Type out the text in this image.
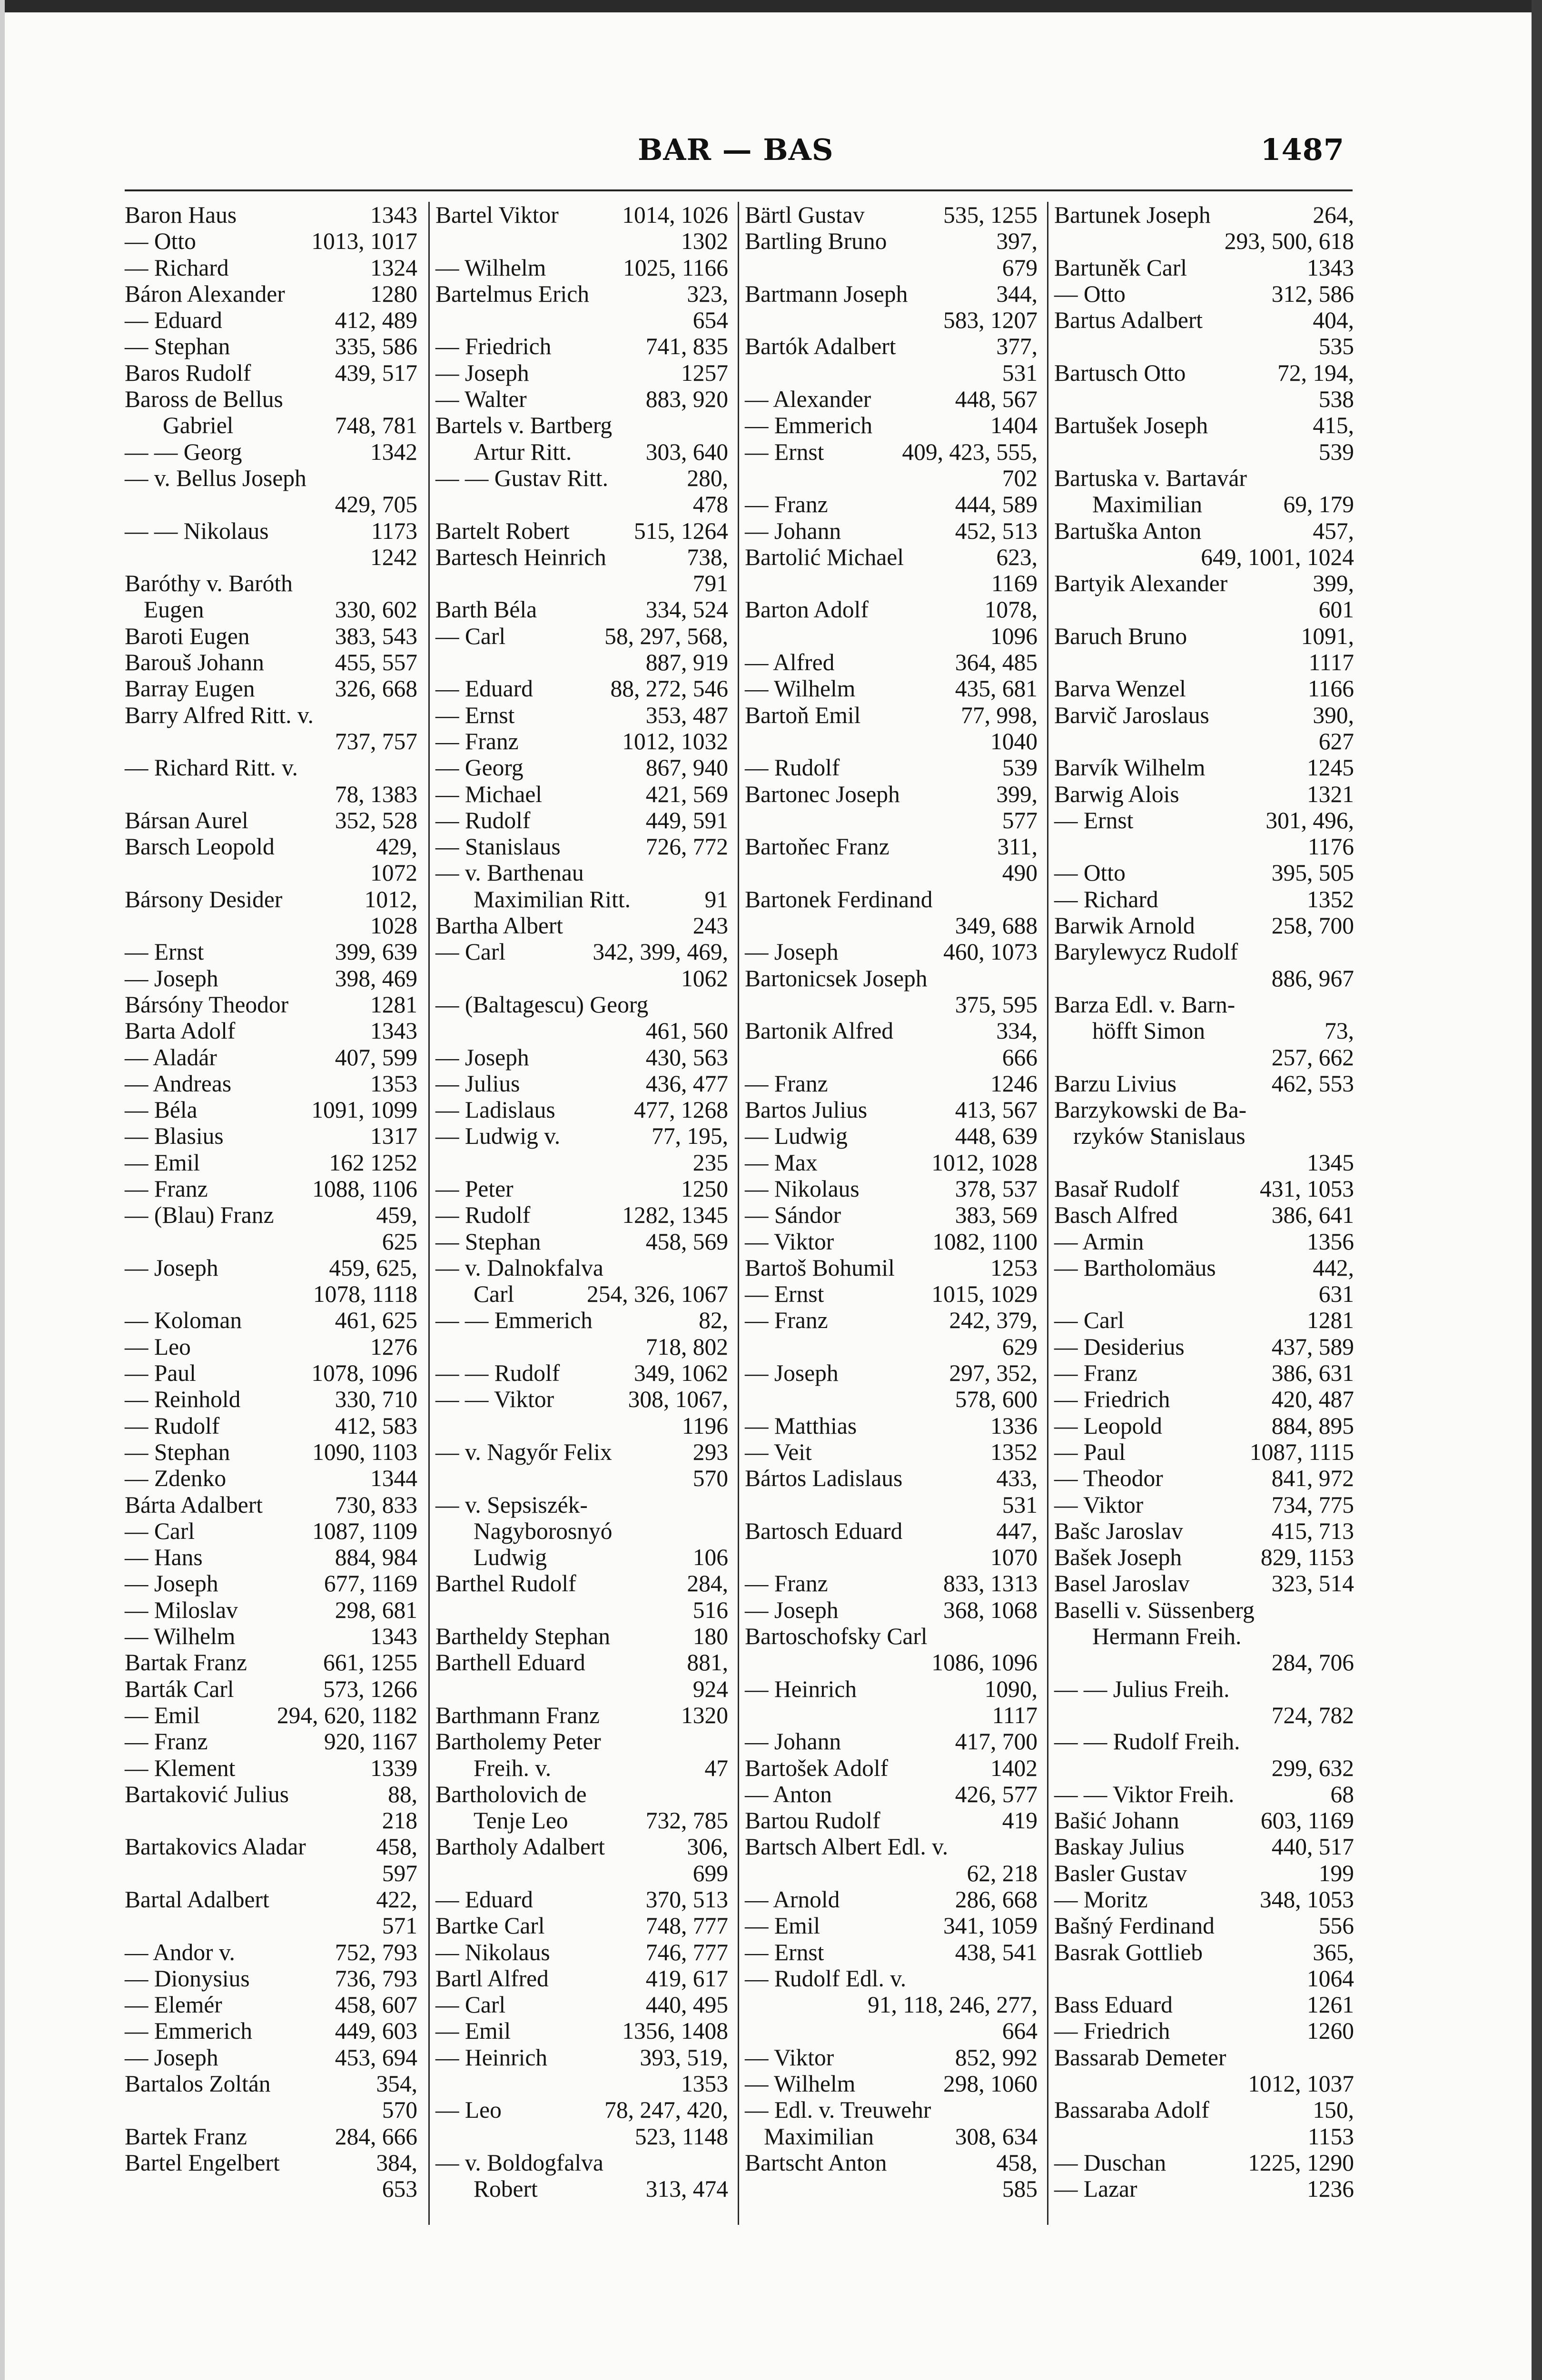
BAR — BAS	1487
Baron Haus	1343
— Otto	1013, 1017
— Richard	1324
Báron Alexander	1280
— Eduard	412, 489
— Stephan	335, 586
Baros Rudolf	439, 517
Baross de Bellus
Gabriel	748, 781
— — Georg	1342
— v. Bellus Joseph
429, 705
— — Nikolaus	1173
1242
Baróthy v. Baróth
Eugen	330, 602
Baroti Eugen	383, 543
Barouš Johann	455, 557
Barray Eugen	326, 668
Barry Alfred Ritt. v.
737, 757
— Richard Ritt. v.
78, 1383
Bársan Aurel	352, 528
Barsch Leopold	429,
1072
Bársony Desider	1012,
1028
— Ernst	399, 639
— Joseph	398, 469
Bársóny Theodor	1281
Barta Adolf	1343
— Aladár	407, 599
— Andreas	1353
— Béla	1091, 1099
— Blasius	1317
— Emil	162 1252
— Franz	1088, 1106
— (Blau) Franz	459,
625
— Joseph	459, 625,
1078, 1118
— Koloman	461, 625
— Leo	1276
— Paul	1078, 1096
— Reinhold	330, 710
— Rudolf	412, 583
— Stephan	1090, 1103
— Zdenko	1344
Bárta Adalbert	730, 833
— Carl	1087, 1109
— Hans	884, 984
— Joseph	677, 1169
— Miloslav	298, 681
— Wilhelm	1343
Bartak Franz	661, 1255
Barták Carl	573, 1266
— Emil	294, 620, 1182
— Franz	920, 1167
— Klement	1339
Bartaković Julius	88,
218
Bartakovics Aladar	458,
597
Bartal Adalbert	422,
571
— Andor v.	752, 793
— Dionysius	736, 793
— Elemér	458, 607
— Emmerich	449, 603
— Joseph	453, 694
Bartalos Zoltán	354,
570
Bartek Franz	284, 666
Bartel Engelbert	384,
653
Bartel Viktor	1014, 1026
1302
— Wilhelm	1025, 1166
Bartelmus Erich	323,
654
— Friedrich	741, 835
— Joseph	1257
— Walter	883, 920
Bartels v. Bartberg
Artur Ritt.	303, 640
— — Gustav Ritt.	280,
478
Bartelt Robert	515, 1264
Bartesch Heinrich	738,
791
Barth Béla	334, 524
— Carl	58, 297, 568,
887, 919
— Eduard	88, 272, 546
— Ernst	353, 487
— Franz	1012, 1032
— Georg	867, 940
— Michael	421, 569
— Rudolf	449, 591
— Stanislaus	726, 772
— v. Barthenau
Maximilian Ritt.	91
Bartha Albert	243
— Carl	342, 399, 469,
1062
— (Baltagescu) Georg
461, 560
— Joseph	430, 563
— Julius	436, 477
— Ladislaus	477, 1268
— Ludwig v.	77, 195,
235
— Peter	1250
— Rudolf	1282, 1345
— Stephan	458, 569
— v. Dalnokfalva
Carl	254, 326, 1067
— — Emmerich	82,
718, 802
— — Rudolf	349, 1062
— — Viktor	308, 1067,
1196
— v. Nagyőr Felix	293
570
— v. Sepsiszék-
Nagyborosnyó
Ludwig	106
Barthel Rudolf	284,
516
Bartheldy Stephan	180
Barthell Eduard	881,
924
Barthmann Franz	1320
Bartholemy Peter
Freih. v.	47
Bartholovich de
Tenje Leo	732, 785
Bartholy Adalbert	306,
699
— Eduard	370, 513
Bartke Carl	748, 777
— Nikolaus	746, 777
Bartl Alfred	419, 617
— Carl	440, 495
— Emil	1356, 1408
— Heinrich	393, 519,
1353
— Leo	78, 247, 420,
523, 1148
— v. Boldogfalva
Robert	313, 474
Bärtl Gustav	535, 1255
Bartling Bruno	397,
679
Bartmann Joseph	344,
583, 1207
Bartók Adalbert	377,
531
— Alexander	448, 567
— Emmerich	1404
— Ernst	409, 423, 555,
702
— Franz	444, 589
— Johann	452, 513
Bartolić Michael	623,
1169
Barton Adolf	1078,
1096
— Alfred	364, 485
— Wilhelm	435, 681
Bartoň Emil	77, 998,
1040
— Rudolf	539
Bartonec Joseph	399,
577
Bartoňec Franz	311,
490
Bartonek Ferdinand
349, 688
— Joseph	460, 1073
Bartonicsek Joseph
375, 595
Bartonik Alfred	334,
666
— Franz	1246
Bartos Julius	413, 567
— Ludwig	448, 639
— Max	1012, 1028
— Nikolaus	378, 537
— Sándor	383, 569
— Viktor	1082, 1100
Bartoš Bohumil	1253
— Ernst	1015, 1029
— Franz	242, 379,
629
— Joseph	297, 352,
578, 600
— Matthias	1336
— Veit	1352
Bártos Ladislaus	433,
531
Bartosch Eduard	447,
1070
— Franz	833, 1313
— Joseph	368, 1068
Bartoschofsky Carl
1086, 1096
— Heinrich	1090,
1117
— Johann	417, 700
Bartošek Adolf	1402
— Anton	426, 577
Bartou Rudolf	419
Bartsch Albert Edl. v.
62, 218
— Arnold	286, 668
— Emil	341, 1059
— Ernst	438, 541
— Rudolf Edl. v.
91, 118, 246, 277,
664
— Viktor	852, 992
— Wilhelm	298, 1060
— Edl. v. Treuwehr
Maximilian	308, 634
Bartscht Anton	458,
585
Bartunek Joseph	264,
293, 500, 618
Bartuněk Carl	1343
— Otto	312, 586
Bartus Adalbert	404,
535
Bartusch Otto	72, 194,
538
Bartušek Joseph	415,
539
Bartuska v. Bartavár
Maximilian	69, 179
Bartuška Anton	457,
649, 1001, 1024
Bartyik Alexander	399,
601
Baruch Bruno	1091,
1117
Barva Wenzel	1166
Barvič Jaroslaus	390,
627
Barvík Wilhelm	1245
Barwig Alois	1321
— Ernst	301, 496,
1176
— Otto	395, 505
— Richard	1352
Barwik Arnold	258, 700
Barylewycz Rudolf
886, 967
Barza Edl. v. Barn-
höfft Simon	73,
257, 662
Barzu Livius	462, 553
Barzykowski de Ba-
rzyków Stanislaus
1345
Basař Rudolf	431, 1053
Basch Alfred	386, 641
— Armin	1356
— Bartholomäus	442,
631
— Carl	1281
— Desiderius	437, 589
— Franz	386, 631
— Friedrich	420, 487
— Leopold	884, 895
— Paul	1087, 1115
— Theodor	841, 972
— Viktor	734, 775
Bašc Jaroslav	415, 713
Bašek Joseph	829, 1153
Basel Jaroslav	323, 514
Baselli v. Süssenberg
Hermann Freih.
284, 706
— — Julius Freih.
724, 782
— — Rudolf Freih.
299, 632
— — Viktor Freih.	68
Bašić Johann	603, 1169
Baskay Julius	440, 517
Basler Gustav	199
— Moritz	348, 1053
Bašný Ferdinand	556
Basrak Gottlieb	365,
1064
Bass Eduard	1261
— Friedrich	1260
Bassarab Demeter
1012, 1037
Bassaraba Adolf	150,
1153
— Duschan	1225, 1290
— Lazar	1236
